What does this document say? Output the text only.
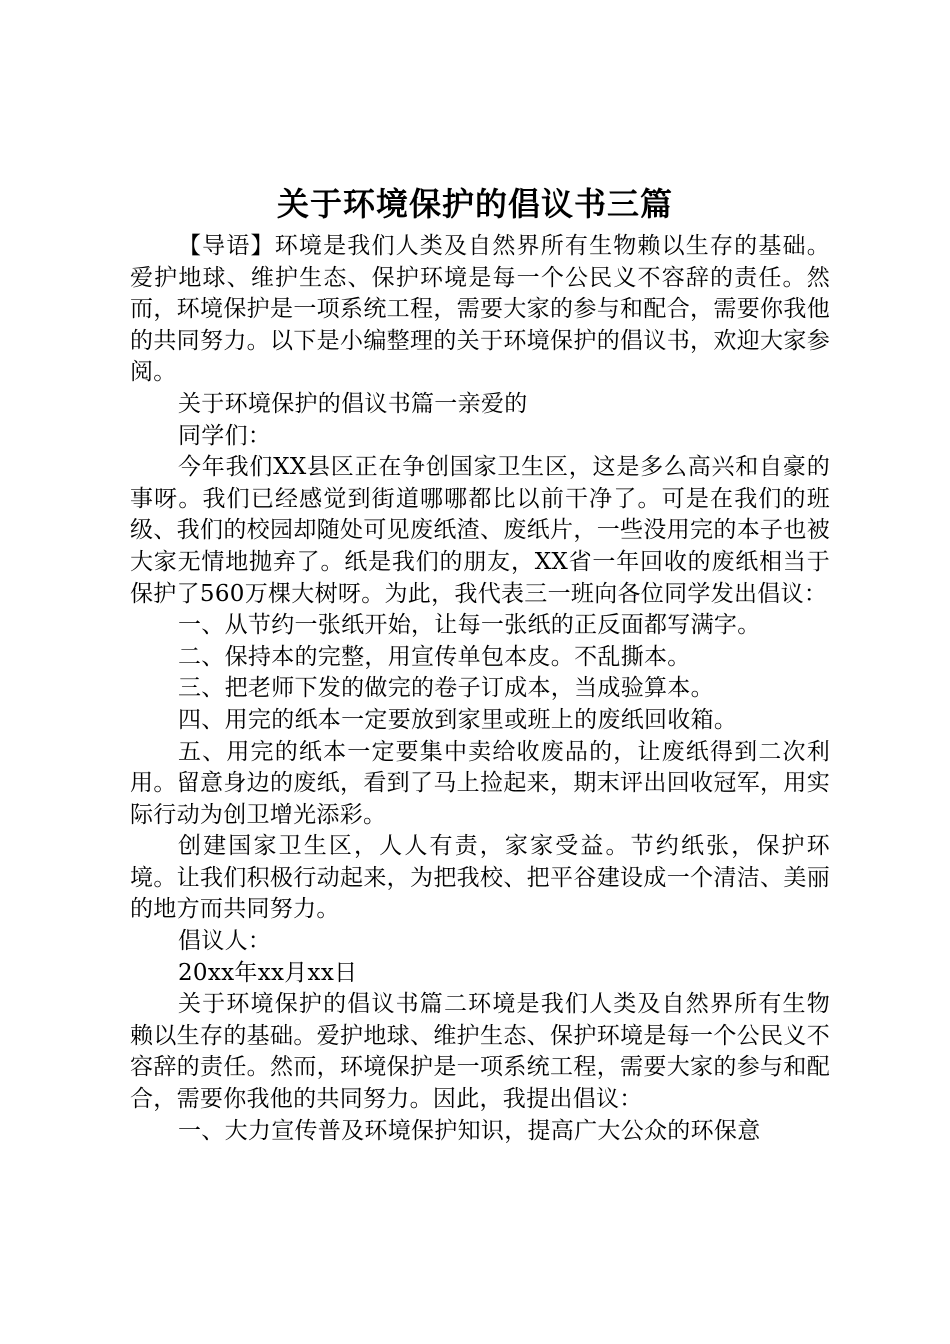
关于环境保护的倡议书三篇

【导语】环境是我们人类及自然界所有生物赖以生存的基础。爱护地球、维护生态、保护环境是每一个公民义不容辞的责任。然而，环境保护是一项系统工程，需要大家的参与和配合，需要你我他的共同努力。以下是小编整理的关于环境保护的倡议书，欢迎大家参阅。

关于环境保护的倡议书篇一亲爱的

同学们：

今年我们XX县区正在争创国家卫生区，这是多么高兴和自豪的事呀。我们已经感觉到街道哪哪都比以前干净了。可是在我们的班级、我们的校园却随处可见废纸渣、废纸片，一些没用完的本子也被大家无情地抛弃了。纸是我们的朋友，XX省一年回收的废纸相当于保护了560万棵大树呀。为此，我代表三一班向各位同学发出倡议：

一、从节约一张纸开始，让每一张纸的正反面都写满字。

二、保持本的完整，用宣传单包本皮。不乱撕本。

三、把老师下发的做完的卷子订成本，当成验算本。

四、用完的纸本一定要放到家里或班上的废纸回收箱。

五、用完的纸本一定要集中卖给收废品的，让废纸得到二次利用。留意身边的废纸，看到了马上捡起来，期末评出回收冠军，用实际行动为创卫增光添彩。

创建国家卫生区，人人有责，家家受益。节约纸张，保护环境。让我们积极行动起来，为把我校、把平谷建设成一个清洁、美丽的地方而共同努力。

倡议人：

20xx年xx月xx日

关于环境保护的倡议书篇二环境是我们人类及自然界所有生物赖以生存的基础。爱护地球、维护生态、保护环境是每一个公民义不容辞的责任。然而，环境保护是一项系统工程，需要大家的参与和配合，需要你我他的共同努力。因此，我提出倡议：

一、大力宣传普及环境保护知识，提高广大公众的环保意
